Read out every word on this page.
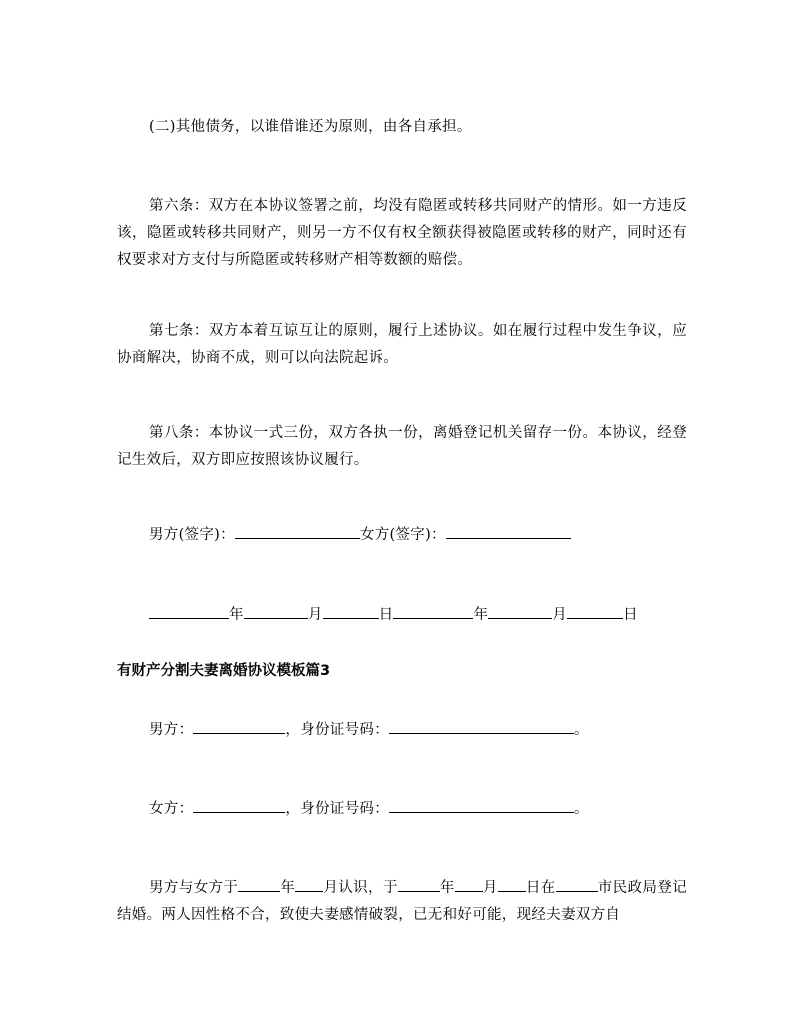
(二)其他债务，以谁借谁还为原则，由各自承担。

第六条：双方在本协议签署之前，均没有隐匿或转移共同财产的情形。如一方违反该，隐匿或转移共同财产，则另一方不仅有权全额获得被隐匿或转移的财产，同时还有权要求对方支付与所隐匿或转移财产相等数额的赔偿。

第七条：双方本着互谅互让的原则，履行上述协议。如在履行过程中发生争议，应协商解决，协商不成，则可以向法院起诉。

第八条：本协议一式三份，双方各执一份，离婚登记机关留存一份。本协议，经登记生效后，双方即应按照该协议履行。

男方(签字)：	女方(签字)：
年	月	日	年	月	日
有财产分割夫妻离婚协议模板篇3
男方：	，身份证号码：	。
女方：	，身份证号码：	。

男方与女方于	年 月认识，于	年 月 日在	市民政局登记结婚。两人因性格不合，致使夫妻感情破裂，已无和好可能，现经夫妻双方自
